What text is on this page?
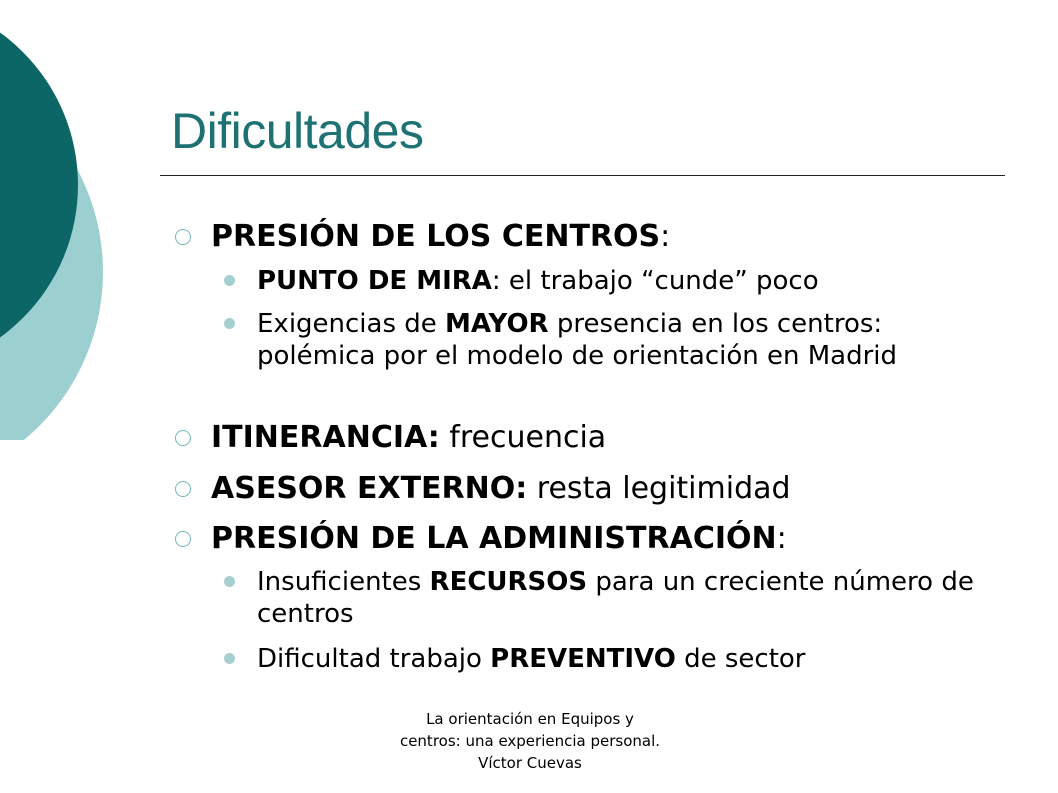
Dificultades
PRESIÓN DE LOS CENTROS:
PUNTO DE MIRA: el trabajo “cunde” poco
Exigencias de MAYOR presencia en los centros: polémica por el modelo de orientación en Madrid
ITINERANCIA: frecuencia
ASESOR EXTERNO: resta legitimidad
PRESIÓN DE LA ADMINISTRACIÓN:
Insuficientes RECURSOS para un creciente número de centros
Dificultad trabajo PREVENTIVO de sector
La orientación en Equipos y
centros: una experiencia personal.
Víctor Cuevas
